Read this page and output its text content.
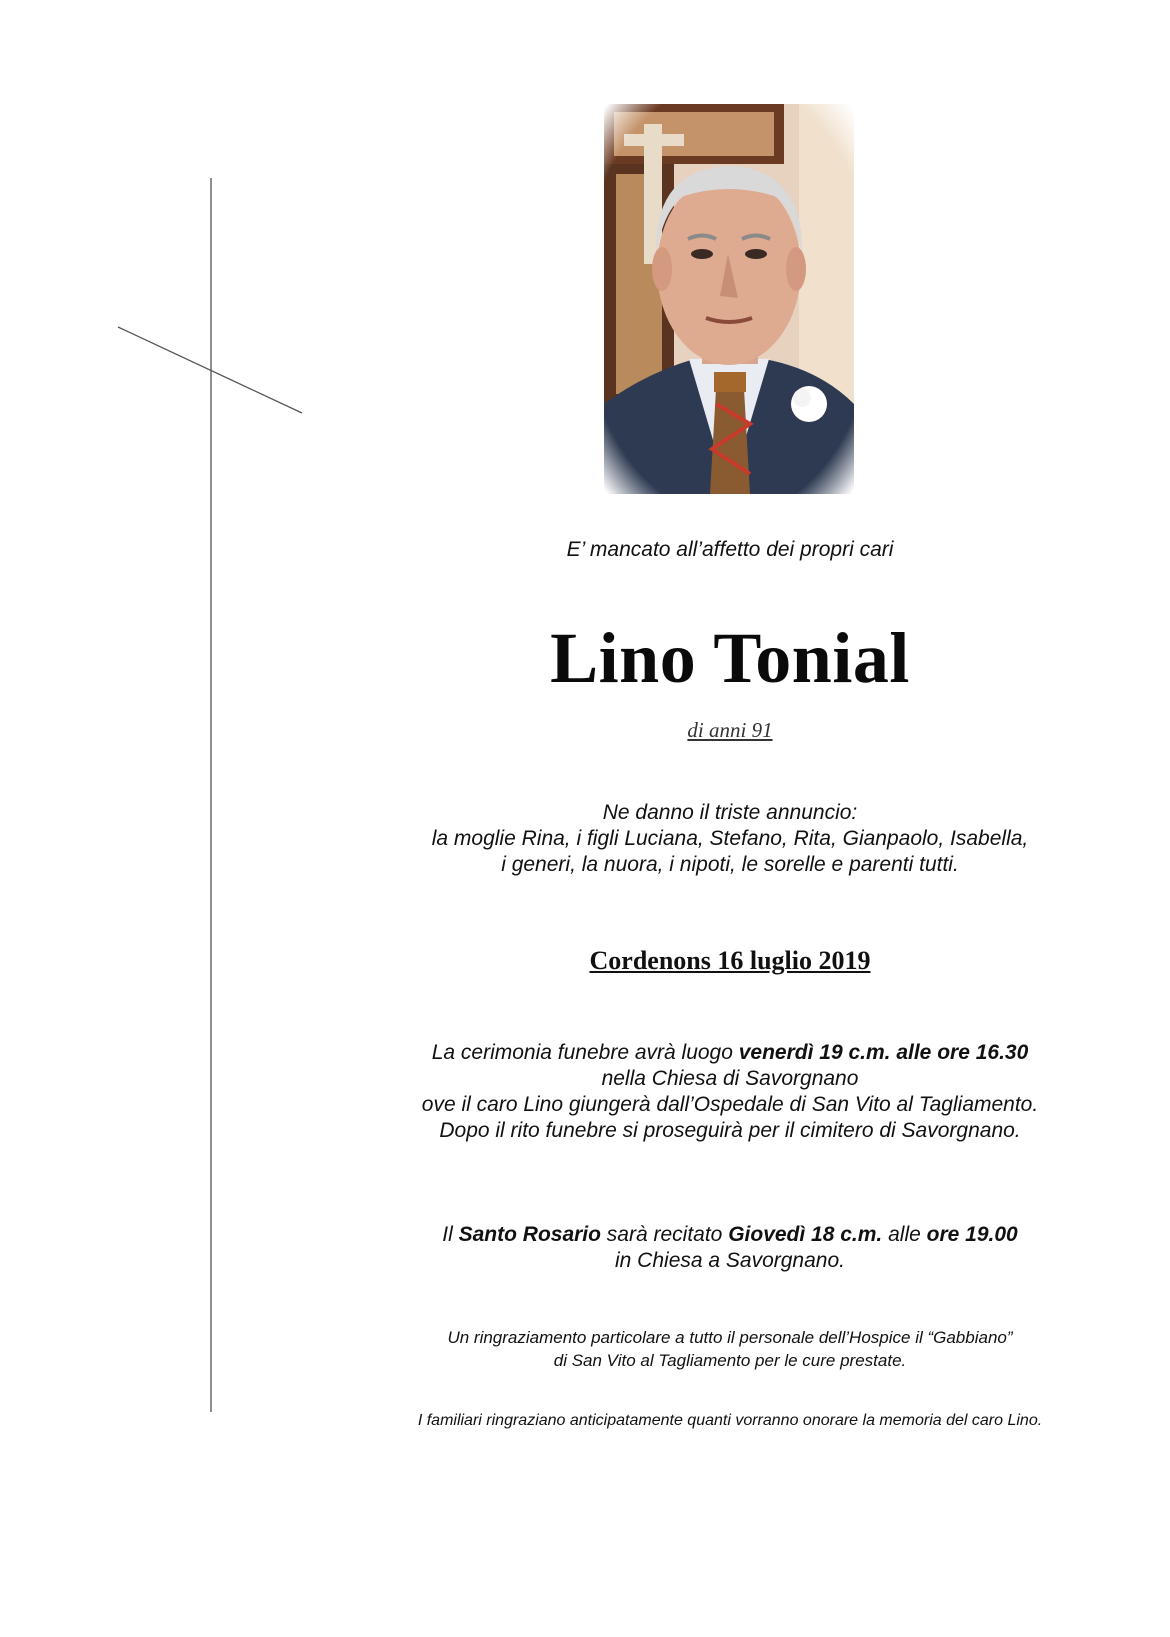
E’ mancato all’affetto dei propri cari
Lino Tonial
di anni 91
Ne danno il triste annuncio:
la moglie Rina, i figli Luciana, Stefano, Rita, Gianpaolo, Isabella,
i generi, la nuora, i nipoti, le sorelle e parenti tutti.
Cordenons 16 luglio 2019
La cerimonia funebre avrà luogo venerdì 19 c.m. alle ore 16.30
nella Chiesa di Savorgnano
ove il caro Lino giungerà dall’Ospedale di San Vito al Tagliamento.
Dopo il rito funebre si proseguirà per il cimitero di Savorgnano.
Il Santo Rosario sarà recitato Giovedì 18 c.m. alle ore 19.00
in Chiesa a Savorgnano.
Un ringraziamento particolare a tutto il personale dell’Hospice il “Gabbiano”
di San Vito al Tagliamento per le cure prestate.
I familiari ringraziano anticipatamente quanti vorranno onorare la memoria del caro Lino.
